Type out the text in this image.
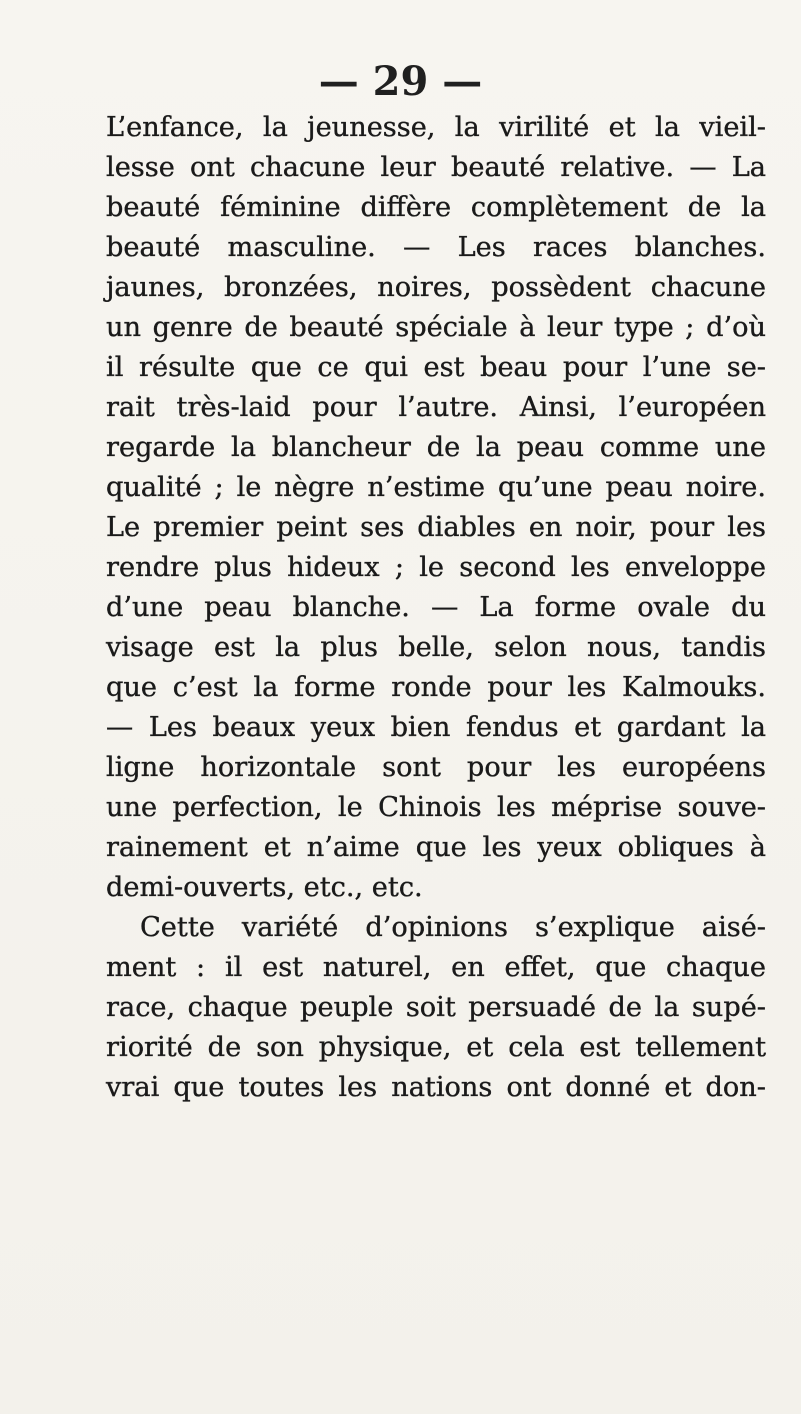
— 29 —
L’enfance, la jeunesse, la virilité et la vieil-
lesse ont chacune leur beauté relative. — La
beauté féminine diffère complètement de la
beauté masculine. — Les races blanches.
jaunes, bronzées, noires, possèdent chacune
un genre de beauté spéciale à leur type ; d’où
il résulte que ce qui est beau pour l’une se-
rait très-laid pour l’autre. Ainsi, l’européen
regarde la blancheur de la peau comme une
qualité ; le nègre n’estime qu’une peau noire.
Le premier peint ses diables en noir, pour les
rendre plus hideux ; le second les enveloppe
d’une peau blanche. — La forme ovale du
visage est la plus belle, selon nous, tandis
que c’est la forme ronde pour les Kalmouks.
— Les beaux yeux bien fendus et gardant la
ligne horizontale sont pour les européens
une perfection, le Chinois les méprise souve-
rainement et n’aime que les yeux obliques à
demi-ouverts, etc., etc.
Cette variété d’opinions s’explique aisé-
ment : il est naturel, en effet, que chaque
race, chaque peuple soit persuadé de la supé-
riorité de son physique, et cela est tellement
vrai que toutes les nations ont donné et don-
